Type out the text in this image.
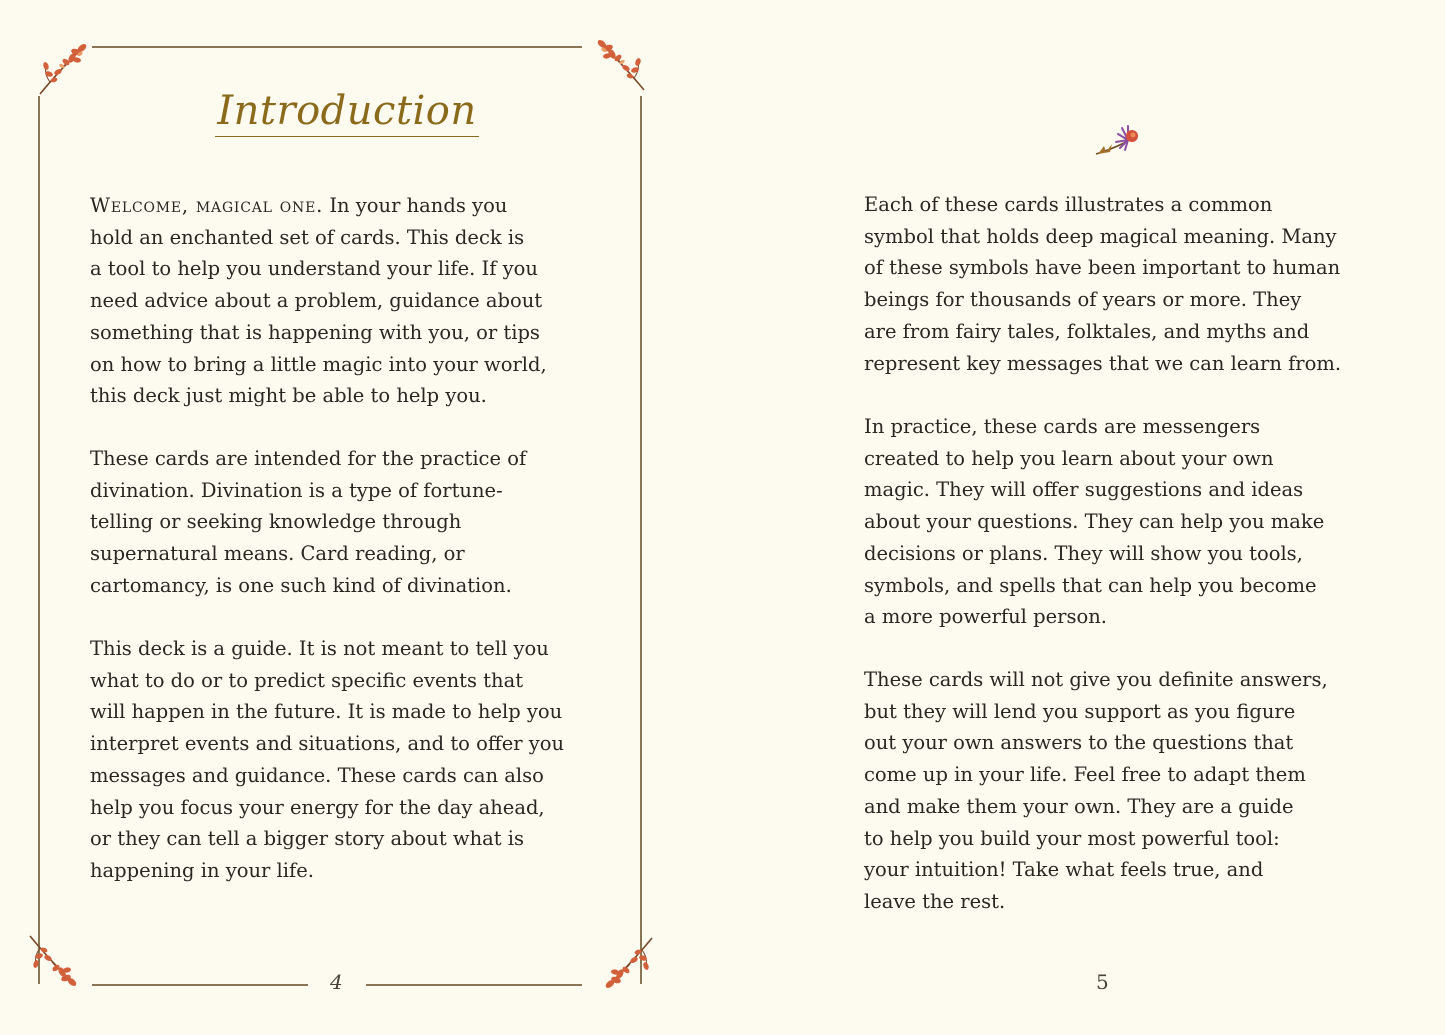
Introduction
Welcome, magical one. In your hands you
hold an enchanted set of cards. This deck is
a tool to help you understand your life. If you
need advice about a problem, guidance about
something that is happening with you, or tips
on how to bring a little magic into your world,
this deck just might be able to help you.
These cards are intended for the practice of
divination. Divination is a type of fortune-
telling or seeking knowledge through
supernatural means. Card reading, or
cartomancy, is one such kind of divination.
This deck is a guide. It is not meant to tell you
what to do or to predict specific events that
will happen in the future. It is made to help you
interpret events and situations, and to offer you
messages and guidance. These cards can also
help you focus your energy for the day ahead,
or they can tell a bigger story about what is
happening in your life.
4
Each of these cards illustrates a common
symbol that holds deep magical meaning. Many
of these symbols have been important to human
beings for thousands of years or more. They
are from fairy tales, folktales, and myths and
represent key messages that we can learn from.
In practice, these cards are messengers
created to help you learn about your own
magic. They will offer suggestions and ideas
about your questions. They can help you make
decisions or plans. They will show you tools,
symbols, and spells that can help you become
a more powerful person.
These cards will not give you definite answers,
but they will lend you support as you figure
out your own answers to the questions that
come up in your life. Feel free to adapt them
and make them your own. They are a guide
to help you build your most powerful tool:
your intuition! Take what feels true, and
leave the rest.
5
